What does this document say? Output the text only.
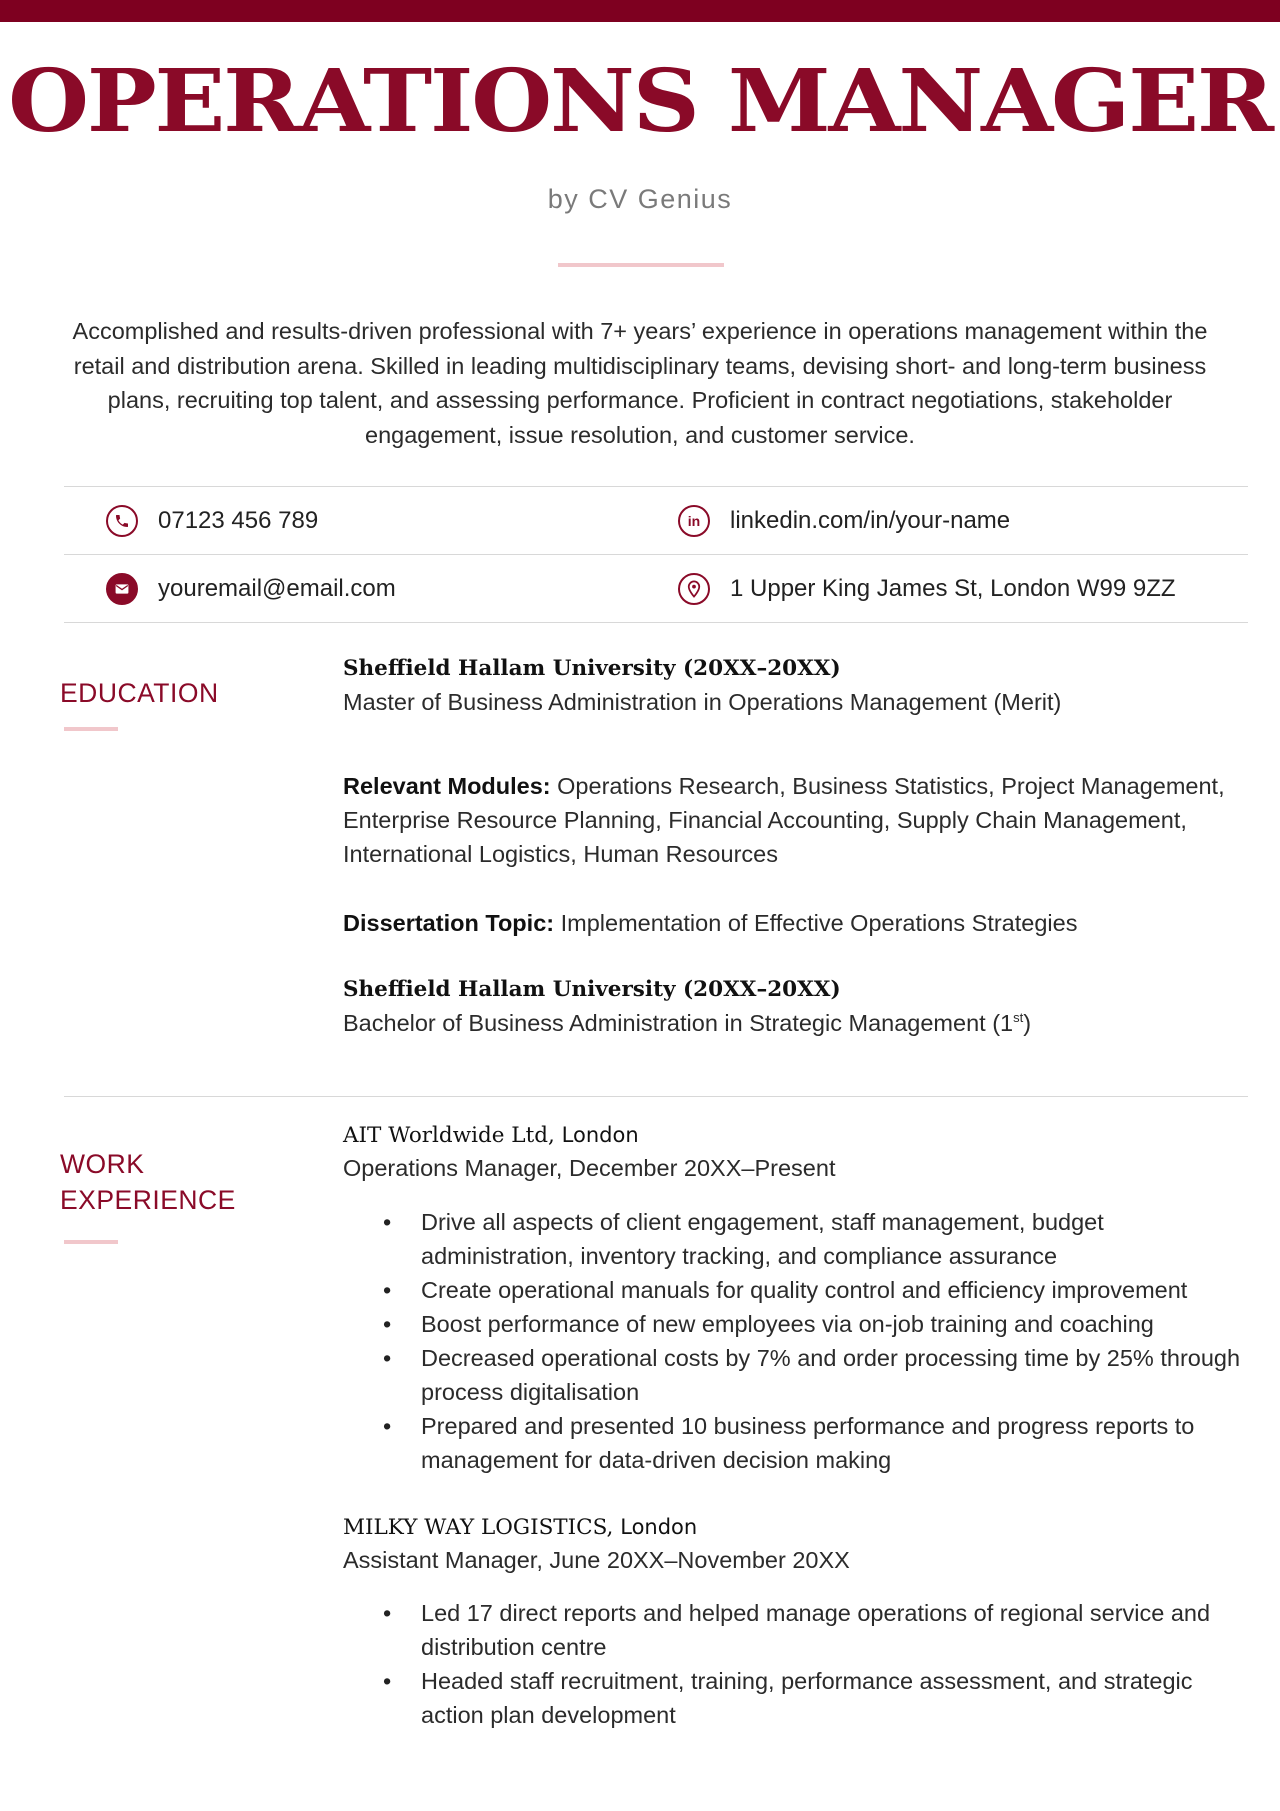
OPERATIONS MANAGER
by CV Genius
Accomplished and results-driven professional with 7+ years’ experience in operations management within the retail and distribution arena. Skilled in leading multidisciplinary teams, devising short- and long-term business plans, recruiting top talent, and assessing performance. Proficient in contract negotiations, stakeholder engagement, issue resolution, and customer service.
07123 456 789	in linkedin.com/in/your-name
youremail@email.com	1 Upper King James St, London W99 9ZZ
EDUCATION
Sheffield Hallam University (20XX–20XX)
Master of Business Administration in Operations Management (Merit)
Relevant Modules: Operations Research, Business Statistics, Project Management, Enterprise Resource Planning, Financial Accounting, Supply Chain Management, International Logistics, Human Resources
Dissertation Topic: Implementation of Effective Operations Strategies
Sheffield Hallam University (20XX–20XX)
Bachelor of Business Administration in Strategic Management (1st)
WORK
EXPERIENCE
AIT Worldwide Ltd, London
Operations Manager, December 20XX–Present
• Drive all aspects of client engagement, staff management, budget administration, inventory tracking, and compliance assurance
• Create operational manuals for quality control and efficiency improvement
• Boost performance of new employees via on-job training and coaching
• Decreased operational costs by 7% and order processing time by 25% through process digitalisation
• Prepared and presented 10 business performance and progress reports to management for data-driven decision making
MILKY WAY LOGISTICS, London
Assistant Manager, June 20XX–November 20XX
• Led 17 direct reports and helped manage operations of regional service and distribution centre
• Headed staff recruitment, training, performance assessment, and strategic action plan development
